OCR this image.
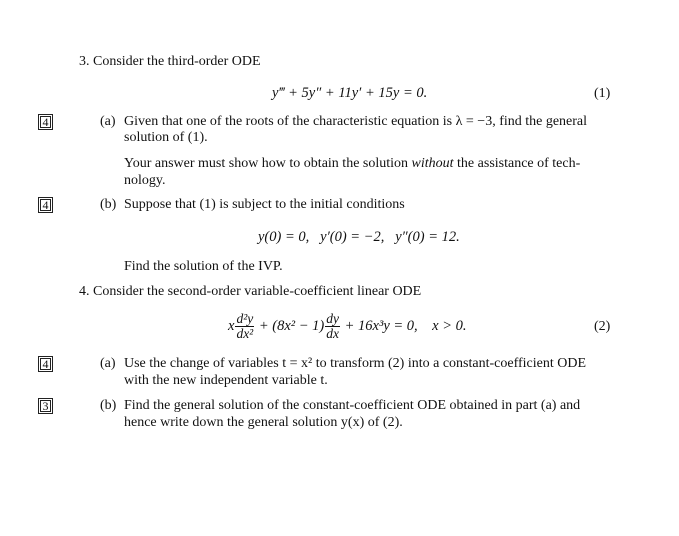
3. Consider the third-order ODE
y‴ + 5y″ + 11y′ + 15y = 0.	(1)
4	(a) Given that one of the roots of the characteristic equation is λ = −3, find the general
solution of (1).
Your answer must show how to obtain the solution without the assistance of tech-
nology.
4	(b) Suppose that (1) is subject to the initial conditions
y(0) = 0,   y′(0) = −2,   y″(0) = 12.
Find the solution of the IVP.
4. Consider the second-order variable-coefficient linear ODE
x $\frac{\text{d²y}}{\text{dx²}} + (8x^2 - 1) \frac{dy}{dx} + 16x^3y = 0$,    x > 0.	(2)
4	(a) Use the change of variables t = x² to transform (2) into a constant-coefficient ODE
with the new independent variable t.
3	(b) Find the general solution of the constant-coefficient ODE obtained in part (a) and
hence write down the general solution y(x) of (2).
